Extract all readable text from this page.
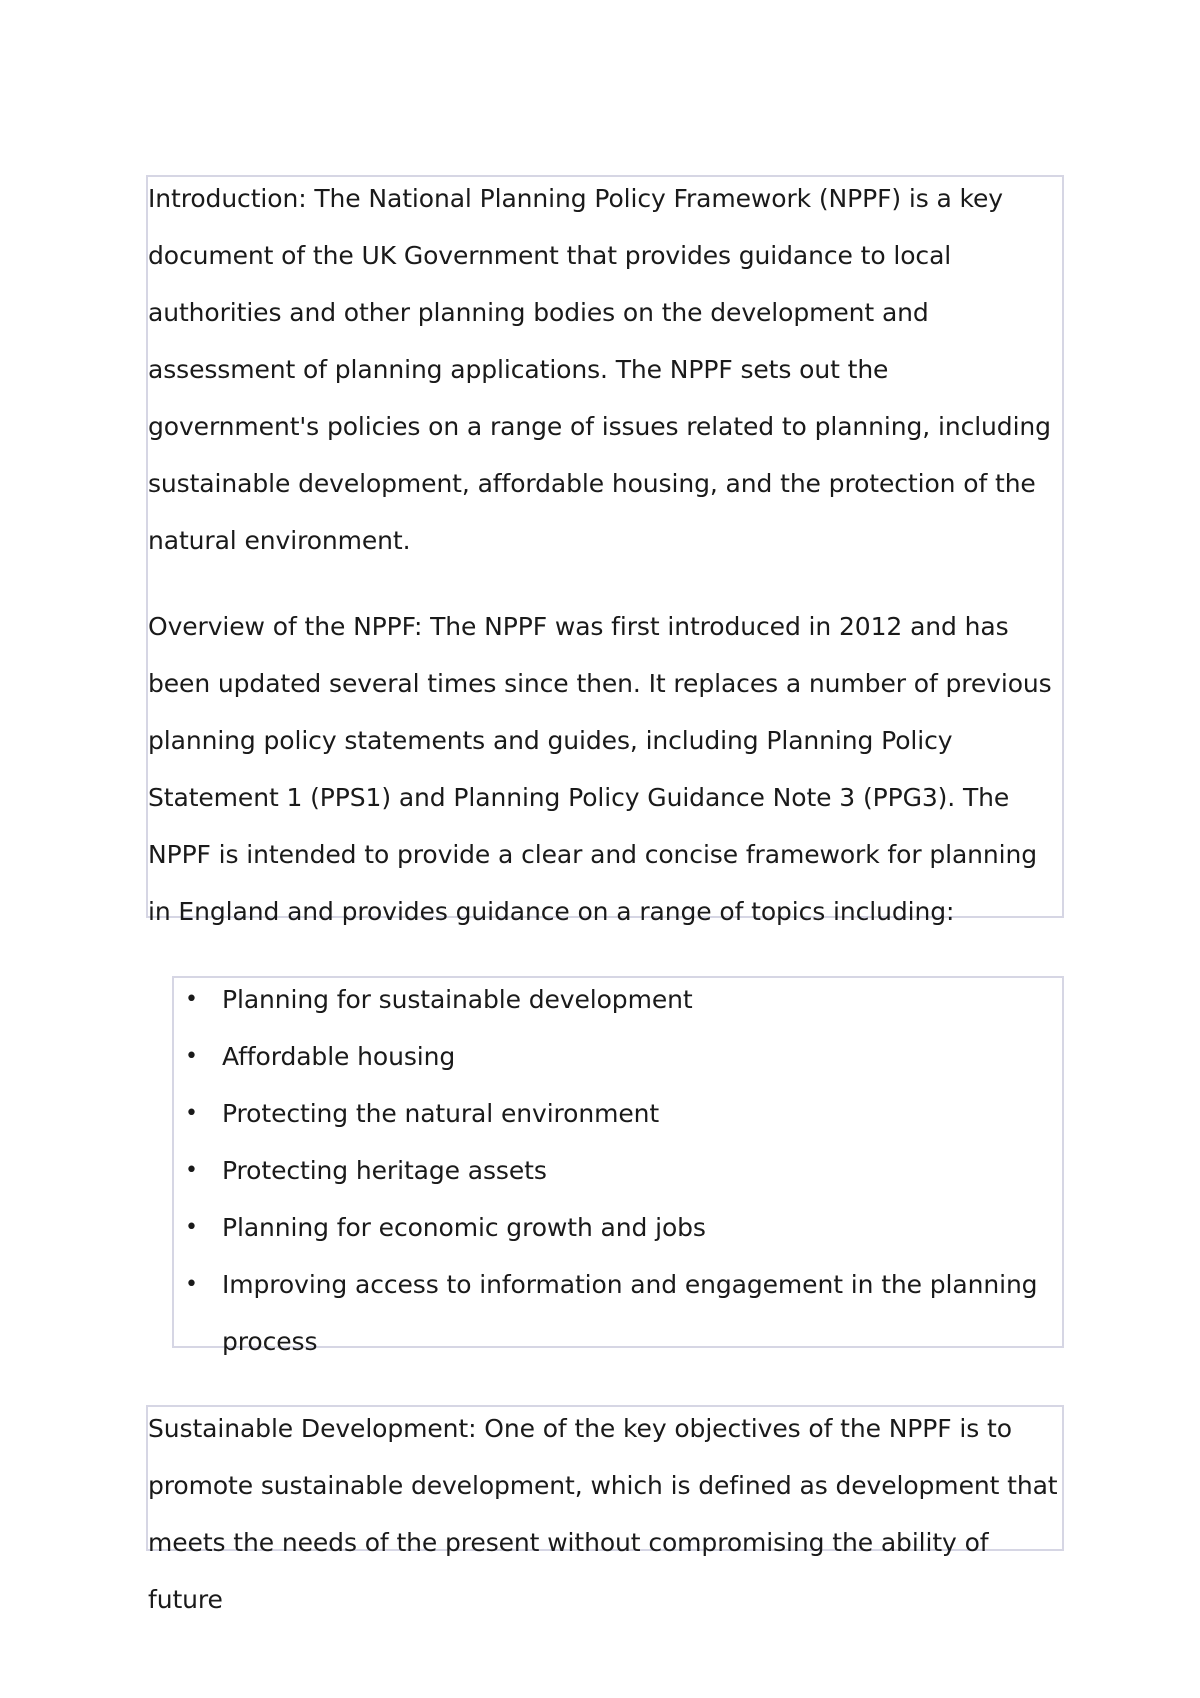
Introduction: The National Planning Policy Framework (NPPF) is a key document of the UK Government that provides guidance to local authorities and other planning bodies on the development and assessment of planning applications. The NPPF sets out the government's policies on a range of issues related to planning, including sustainable development, affordable housing, and the protection of the natural environment.

Overview of the NPPF: The NPPF was first introduced in 2012 and has been updated several times since then. It replaces a number of previous planning policy statements and guides, including Planning Policy Statement 1 (PPS1) and Planning Policy Guidance Note 3 (PPG3). The NPPF is intended to provide a clear and concise framework for planning in England and provides guidance on a range of topics including:

• Planning for sustainable development
• Affordable housing
• Protecting the natural environment
• Protecting heritage assets
• Planning for economic growth and jobs
• Improving access to information and engagement in the planning process

Sustainable Development: One of the key objectives of the NPPF is to promote sustainable development, which is defined as development that meets the needs of the present without compromising the ability of future
